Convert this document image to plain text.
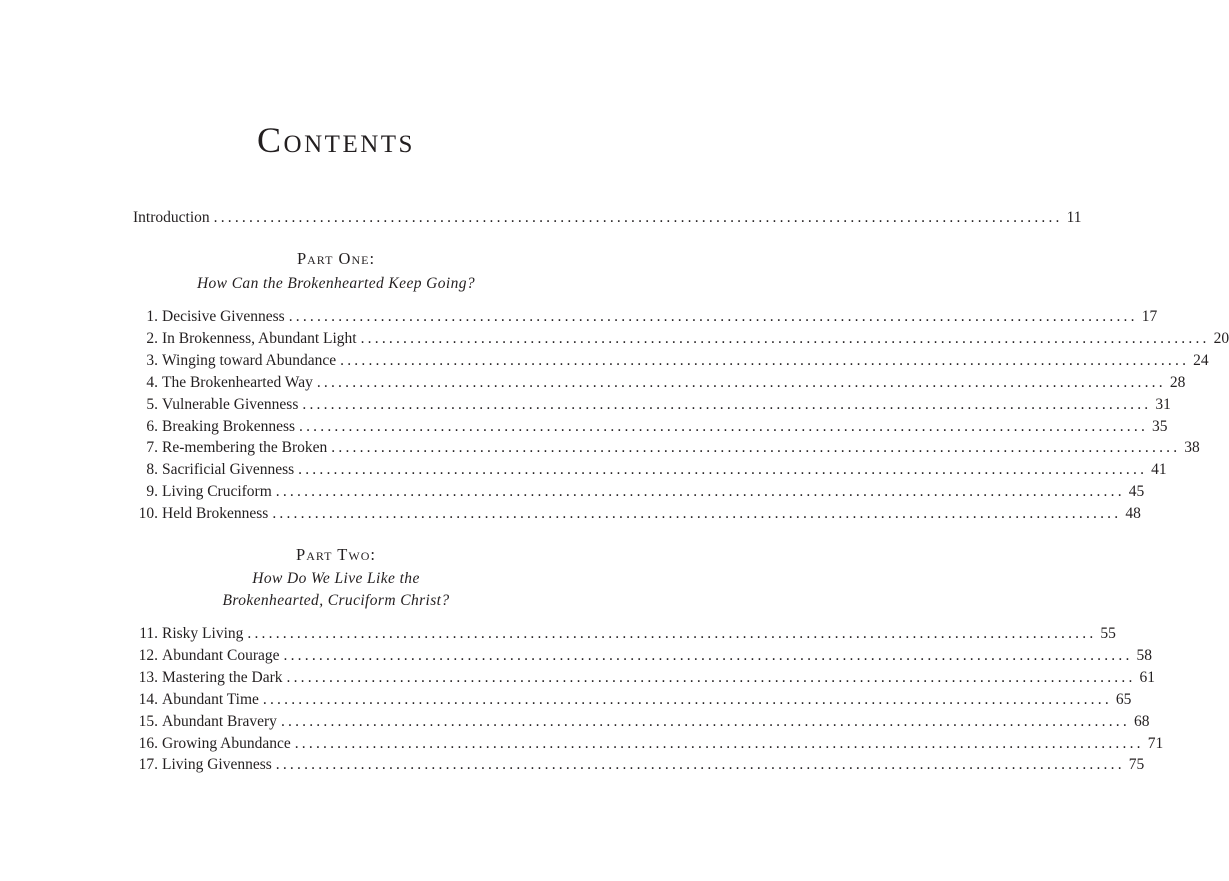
Contents
Introduction ........................................................................................................................ 11
1. Decisive Givenness ........................................................................................................................ 17
2. In Brokenness, Abundant Light ........................................................................................................................ 20
3. Winging toward Abundance ........................................................................................................................ 24
4. The Brokenhearted Way ........................................................................................................................ 28
5. Vulnerable Givenness ........................................................................................................................ 31
6. Breaking Brokenness ........................................................................................................................ 35
7. Re-membering the Broken ........................................................................................................................ 38
8. Sacrificial Givenness ........................................................................................................................ 41
9. Living Cruciform ........................................................................................................................ 45
10. Held Brokenness ........................................................................................................................ 48
11. Risky Living ........................................................................................................................ 55
12. Abundant Courage ........................................................................................................................ 58
13. Mastering the Dark ........................................................................................................................ 61
14. Abundant Time ........................................................................................................................ 65
15. Abundant Bravery ........................................................................................................................ 68
16. Growing Abundance ........................................................................................................................ 71
17. Living Givenness ........................................................................................................................ 75
Part One:
How Can the Brokenhearted Keep Going?
Part Two:
How Do We Live Like the
Brokenhearted, Cruciform Christ?
